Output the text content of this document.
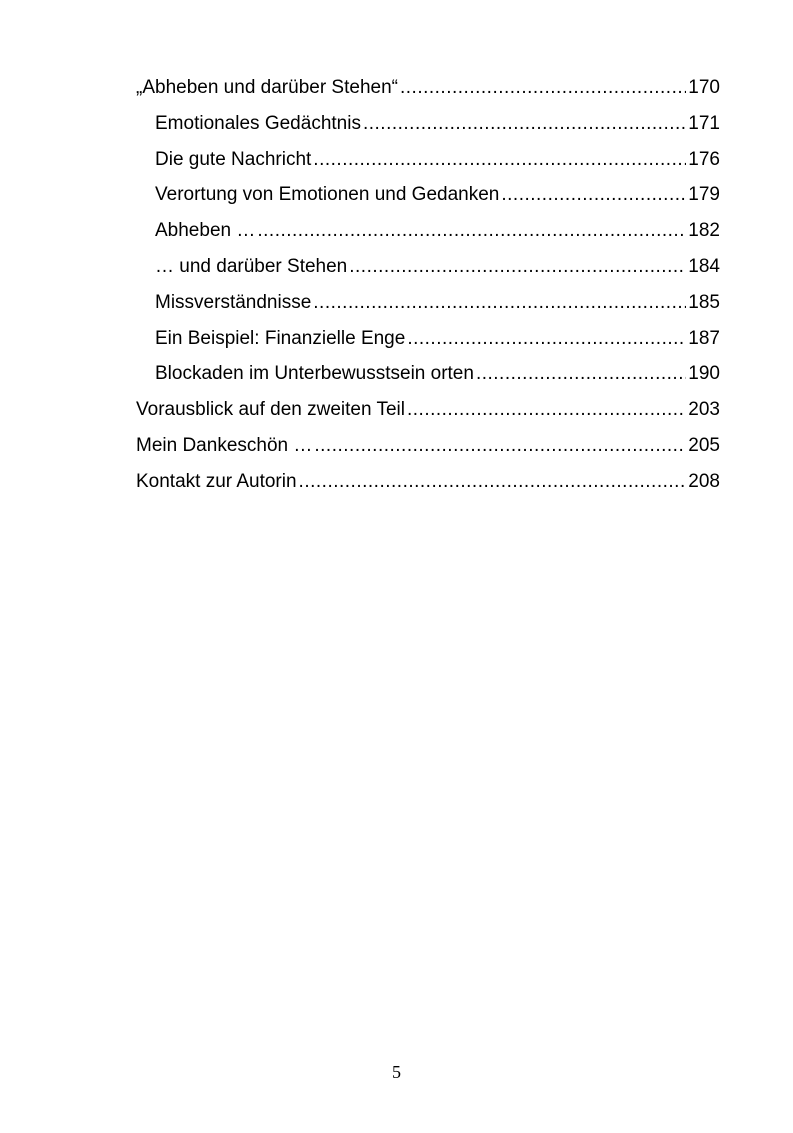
„Abheben und darüber Stehen“ .....	170
Emotionales Gedächtnis .....	171
Die gute Nachricht .....	176
Verortung von Emotionen und Gedanken .....	179
Abheben … .....	182
… und darüber Stehen .....	184
Missverständnisse .....	185
Ein Beispiel: Finanzielle Enge .....	187
Blockaden im Unterbewusstsein orten .....	190
Vorausblick auf den zweiten Teil .....	203
Mein Dankeschön … .....	205
Kontakt zur Autorin .....	208
5
